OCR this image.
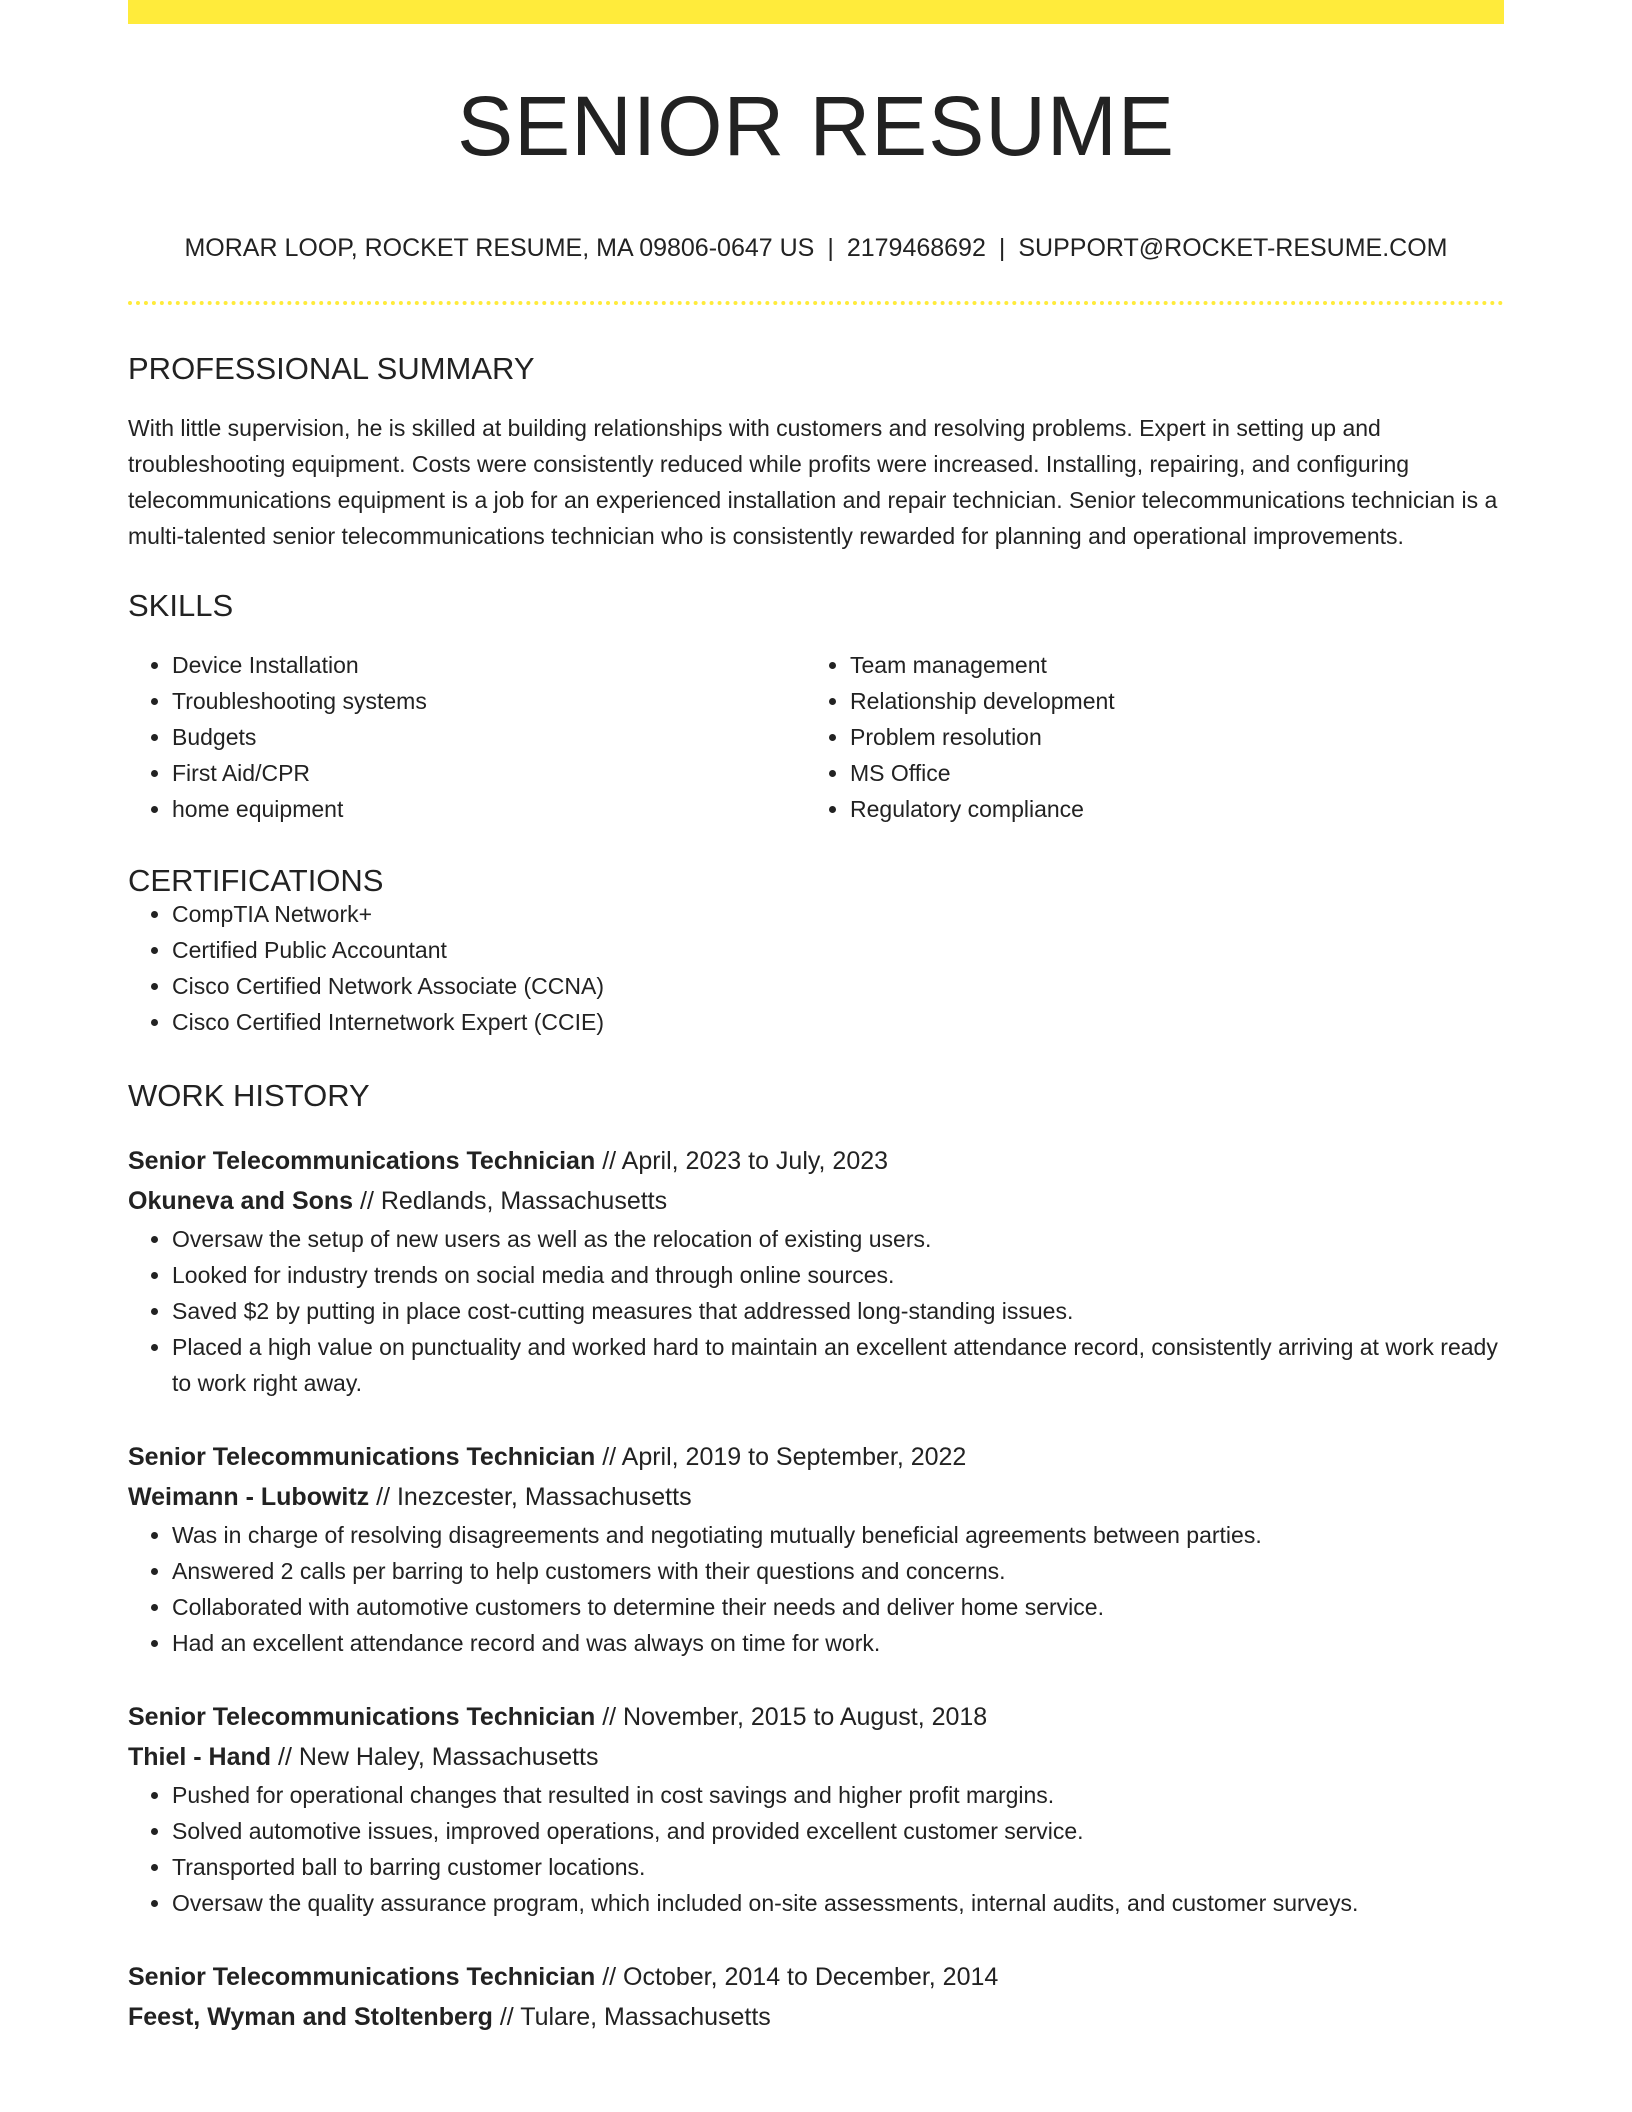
SENIOR RESUME
MORAR LOOP, ROCKET RESUME, MA 09806-0647 US | 2179468692 | SUPPORT@ROCKET-RESUME.COM
PROFESSIONAL SUMMARY
With little supervision, he is skilled at building relationships with customers and resolving problems. Expert in setting up and troubleshooting equipment. Costs were consistently reduced while profits were increased. Installing, repairing, and configuring telecommunications equipment is a job for an experienced installation and repair technician. Senior telecommunications technician is a multi-talented senior telecommunications technician who is consistently rewarded for planning and operational improvements.
SKILLS
• Device Installation
• Troubleshooting systems
• Budgets
• First Aid/CPR
• home equipment
• Team management
• Relationship development
• Problem resolution
• MS Office
• Regulatory compliance
CERTIFICATIONS
• CompTIA Network+
• Certified Public Accountant
• Cisco Certified Network Associate (CCNA)
• Cisco Certified Internetwork Expert (CCIE)
WORK HISTORY
Senior Telecommunications Technician // April, 2023 to July, 2023
Okuneva and Sons // Redlands, Massachusetts
• Oversaw the setup of new users as well as the relocation of existing users.
• Looked for industry trends on social media and through online sources.
• Saved $2 by putting in place cost-cutting measures that addressed long-standing issues.
• Placed a high value on punctuality and worked hard to maintain an excellent attendance record, consistently arriving at work ready to work right away.
Senior Telecommunications Technician // April, 2019 to September, 2022
Weimann - Lubowitz // Inezcester, Massachusetts
• Was in charge of resolving disagreements and negotiating mutually beneficial agreements between parties.
• Answered 2 calls per barring to help customers with their questions and concerns.
• Collaborated with automotive customers to determine their needs and deliver home service.
• Had an excellent attendance record and was always on time for work.
Senior Telecommunications Technician // November, 2015 to August, 2018
Thiel - Hand // New Haley, Massachusetts
• Pushed for operational changes that resulted in cost savings and higher profit margins.
• Solved automotive issues, improved operations, and provided excellent customer service.
• Transported ball to barring customer locations.
• Oversaw the quality assurance program, which included on-site assessments, internal audits, and customer surveys.
Senior Telecommunications Technician // October, 2014 to December, 2014
Feest, Wyman and Stoltenberg // Tulare, Massachusetts
